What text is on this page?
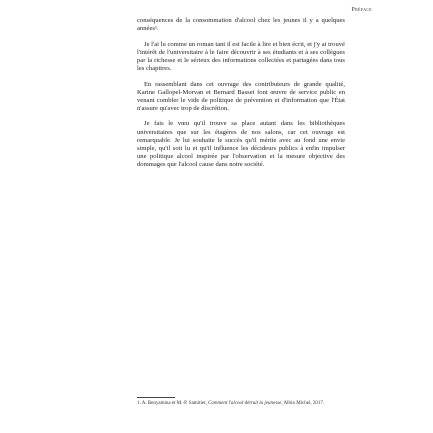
Préface

conséquences de la consommation d'alcool chez les jeunes il y a quelques années¹.

Je l'ai lu comme un roman tant il est facile à lire et bien écrit, et j'y ai trouvé l'intérêt de l'universitaire à le faire découvrir à ses étudiants et à ses collègues par la richesse et le sérieux des informations collectées et partagées dans tous les chapitres.

En rassemblant dans cet ouvrage des contributeurs de grande qualité, Karine Gallopel-Morvan et Bernard Basset font œuvre de service public en venant combler le vide de politique de prévention et d'information que l'État n'assure qu'avec trop de discrétion.

Je fais le vœu qu'il trouve sa place autant dans les bibliothèques universitaires que sur les étagères de nos salons, car cet ouvrage est remarquable. Je lui souhaite le succès qu'il mérite avec au fond une envie simple, qu'il soit lu et qu'il influence les décideurs publics à enfin impulser une politique alcool inspirée par l'observation et la mesure objective des dommages que l'alcool cause dans notre société.

1. A. Benyamina et M.-P. Samitier, Comment l'alcool détruit la jeunesse, Albin Michel, 2017.
